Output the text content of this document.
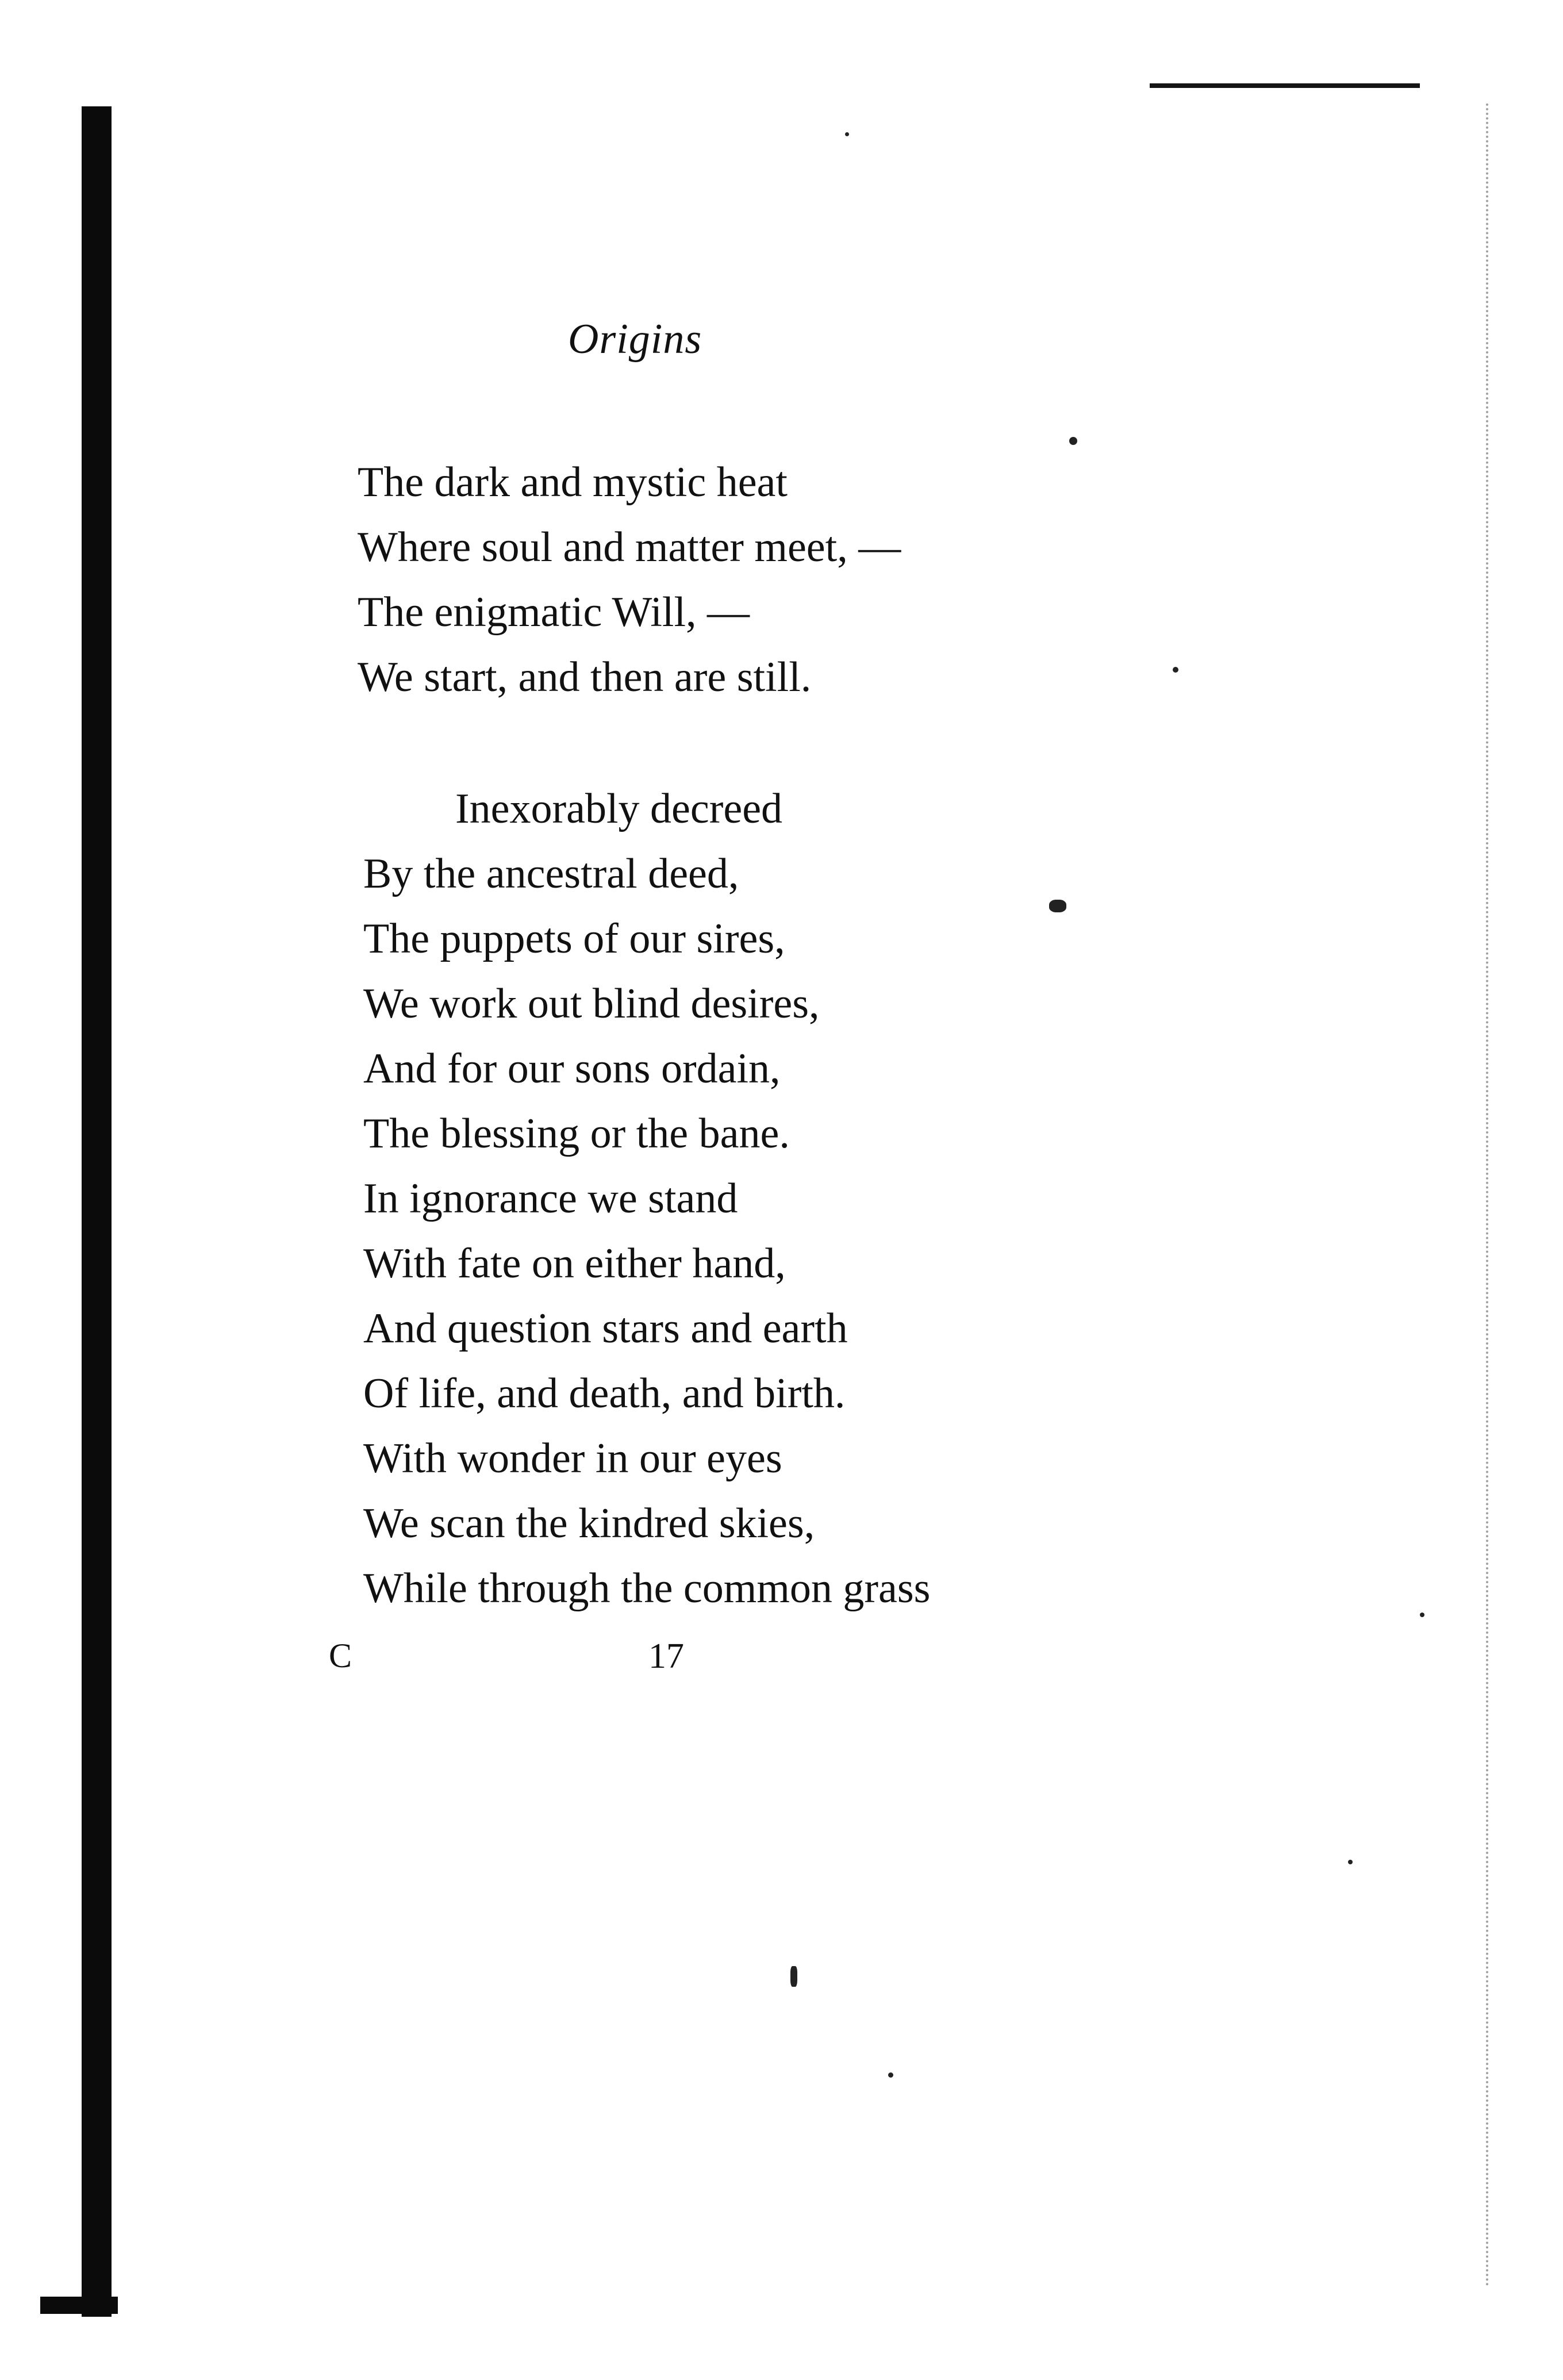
Origins
The dark and mystic heat
Where soul and matter meet, —
The enigmatic Will, —
We start, and then are still.
Inexorably decreed
By the ancestral deed,
The puppets of our sires,
We work out blind desires,
And for our sons ordain,
The blessing or the bane.
In ignorance we stand
With fate on either hand,
And question stars and earth
Of life, and death, and birth.
With wonder in our eyes
We scan the kindred skies,
While through the common grass
C	17
